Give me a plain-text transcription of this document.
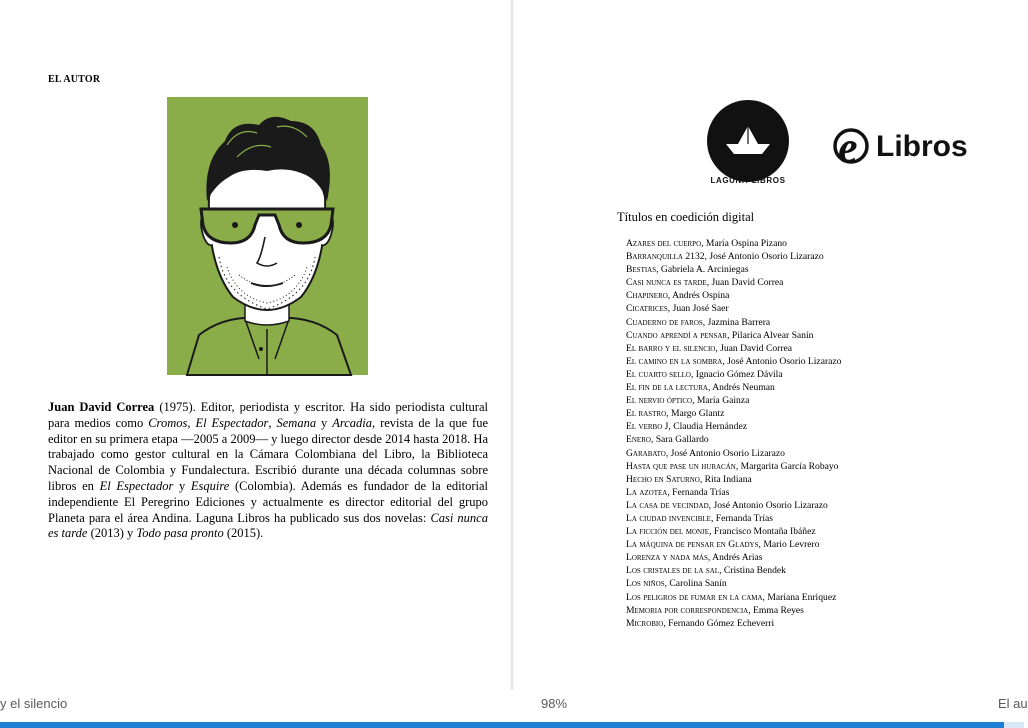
EL AUTOR
Juan David Correa (1975). Editor, periodista y escritor. Ha sido periodista cultural para medios como Cromos, El Espectador, Semana y Arcadia, revista de la que fue editor en su primera etapa —2005 a 2009— y luego director desde 2014 hasta 2018. Ha trabajado como gestor cultural en la Cámara Colombiana del Libro, la Biblioteca Nacional de Colombia y Fundalectura. Escribió durante una década columnas sobre libros en El Espectador y Esquire (Colombia). Además es fundador de la editorial independiente El Peregrino Ediciones y actualmente es director editorial del grupo Planeta para el área Andina. Laguna Libros ha publicado sus dos novelas: Casi nunca es tarde (2013) y Todo pasa pronto (2015).
LAGUNA•LIBROS
e Libros
Títulos en coedición digital
Azares del cuerpo, María Ospina Pizano
Barranquilla 2132, José Antonio Osorio Lizarazo
Bestias, Gabriela A. Arciniegas
Casi nunca es tarde, Juan David Correa
Chapinero, Andrés Ospina
Cicatrices, Juan José Saer
Cuaderno de faros, Jazmina Barrera
Cuando aprendí a pensar, Pilarica Alvear Sanín
El barro y el silencio, Juan David Correa
El camino en la sombra, José Antonio Osorio Lizarazo
El cuarto sello, Ignacio Gómez Dávila
El fin de la lectura, Andrés Neuman
El nervio óptico, María Gainza
El rastro, Margo Glantz
El verbo J, Claudia Hernández
Enero, Sara Gallardo
Garabato, José Antonio Osorio Lizarazo
Hasta que pase un huracán, Margarita García Robayo
Hecho en Saturno, Rita Indiana
La azotea, Fernanda Trías
La casa de vecindad, José Antonio Osorio Lizarazo
La ciudad invencible, Fernanda Trías
La ficción del monje, Francisco Montaña Ibáñez
La máquina de pensar en Gladys, Mario Levrero
Lorenza y nada más, Andrés Arias
Los cristales de la sal, Cristina Bendek
Los niños, Carolina Sanín
Los peligros de fumar en la cama, Mariana Enriquez
Memoria por correspondencia, Emma Reyes
Microbio, Fernando Gómez Echeverri
y el silencio	98%	El au
